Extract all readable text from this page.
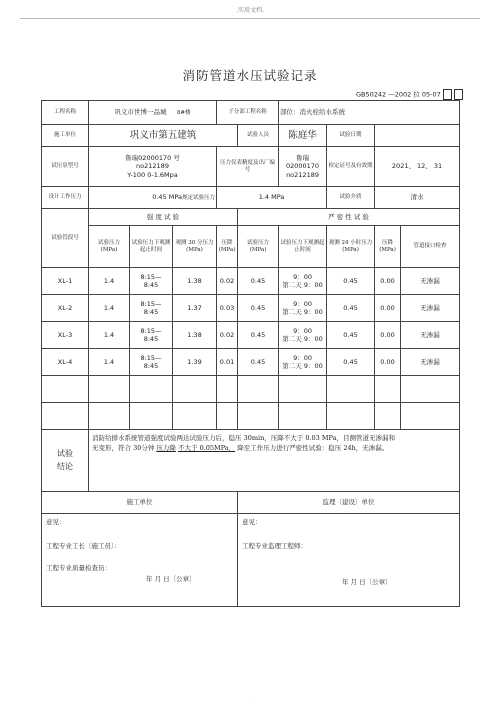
.实用文档.
消防管道水压试验记录
GB50242 —2002 拉 05-07
工程名称	巩义市世博一品城 8#楼			子分部工程名称		部位：消火栓给水系统			
施工单位	巩义市第五建筑				试验人员	陈庭华	试验日期		
试压泵型号	鲁瑞02000170 号
no212189
Y-100 0-1.6Mpa			压力仪表精度及出厂编号		鲁瑞02000170
no212189	检定证号及有效期	2021、 12、 31	
设计工作压力	0.45 MPa规定试验压力			1.4 MPa			试验介质	清水	
试验管段号	强 度 试 验				严 密 性 试 验				

	试验压力
(MPa)	试验压力下观测起止时间	观测 30 分压力 (MPa)	压降
(MPa)	试验压力
(MPa)	试验压力下观测起止时间	观测 24 小时压力
(MPa)	压降
(MPa)	管道接口检查
XL-1	1.4	8:15—
8:45	1.38	0.02	0.45	9：00
第二天 9：00	0.45	0.00	无渗漏
XL-2	1.4	8:15—
8:45	1.37	0.03	0.45	9：00
第二天 9：00	0.45	0.00	无渗漏
XL-3	1.4	8:15—
8:45	1.38	0.02	0.45	9：00
第二天 9：00	0.45	0.00	无渗漏
XL-4	1.4	8:15—
8:45	1.39	0.01	0.45	9：00
第二天 9：00	0.45	0.00	无渗漏

试验结论	消防给排水系统管道强度试验两达试验压力后，稳压 30min，压降不大于 0.03 MPa，目测管道无渗漏和
无变形，符合 30分钟 压力降 不大于 0.05MPa， 降至工作压力进行严密性试验：稳压 24h，无渗漏。								

施工单位					监理〔建设〕单位				

意见：
工程专业工长〔施工员〕：
工程专业质量检查员：
年 月 日〔公章〕					意见：
工程专业监理工程师：
年 月 日〔公章〕				
.
